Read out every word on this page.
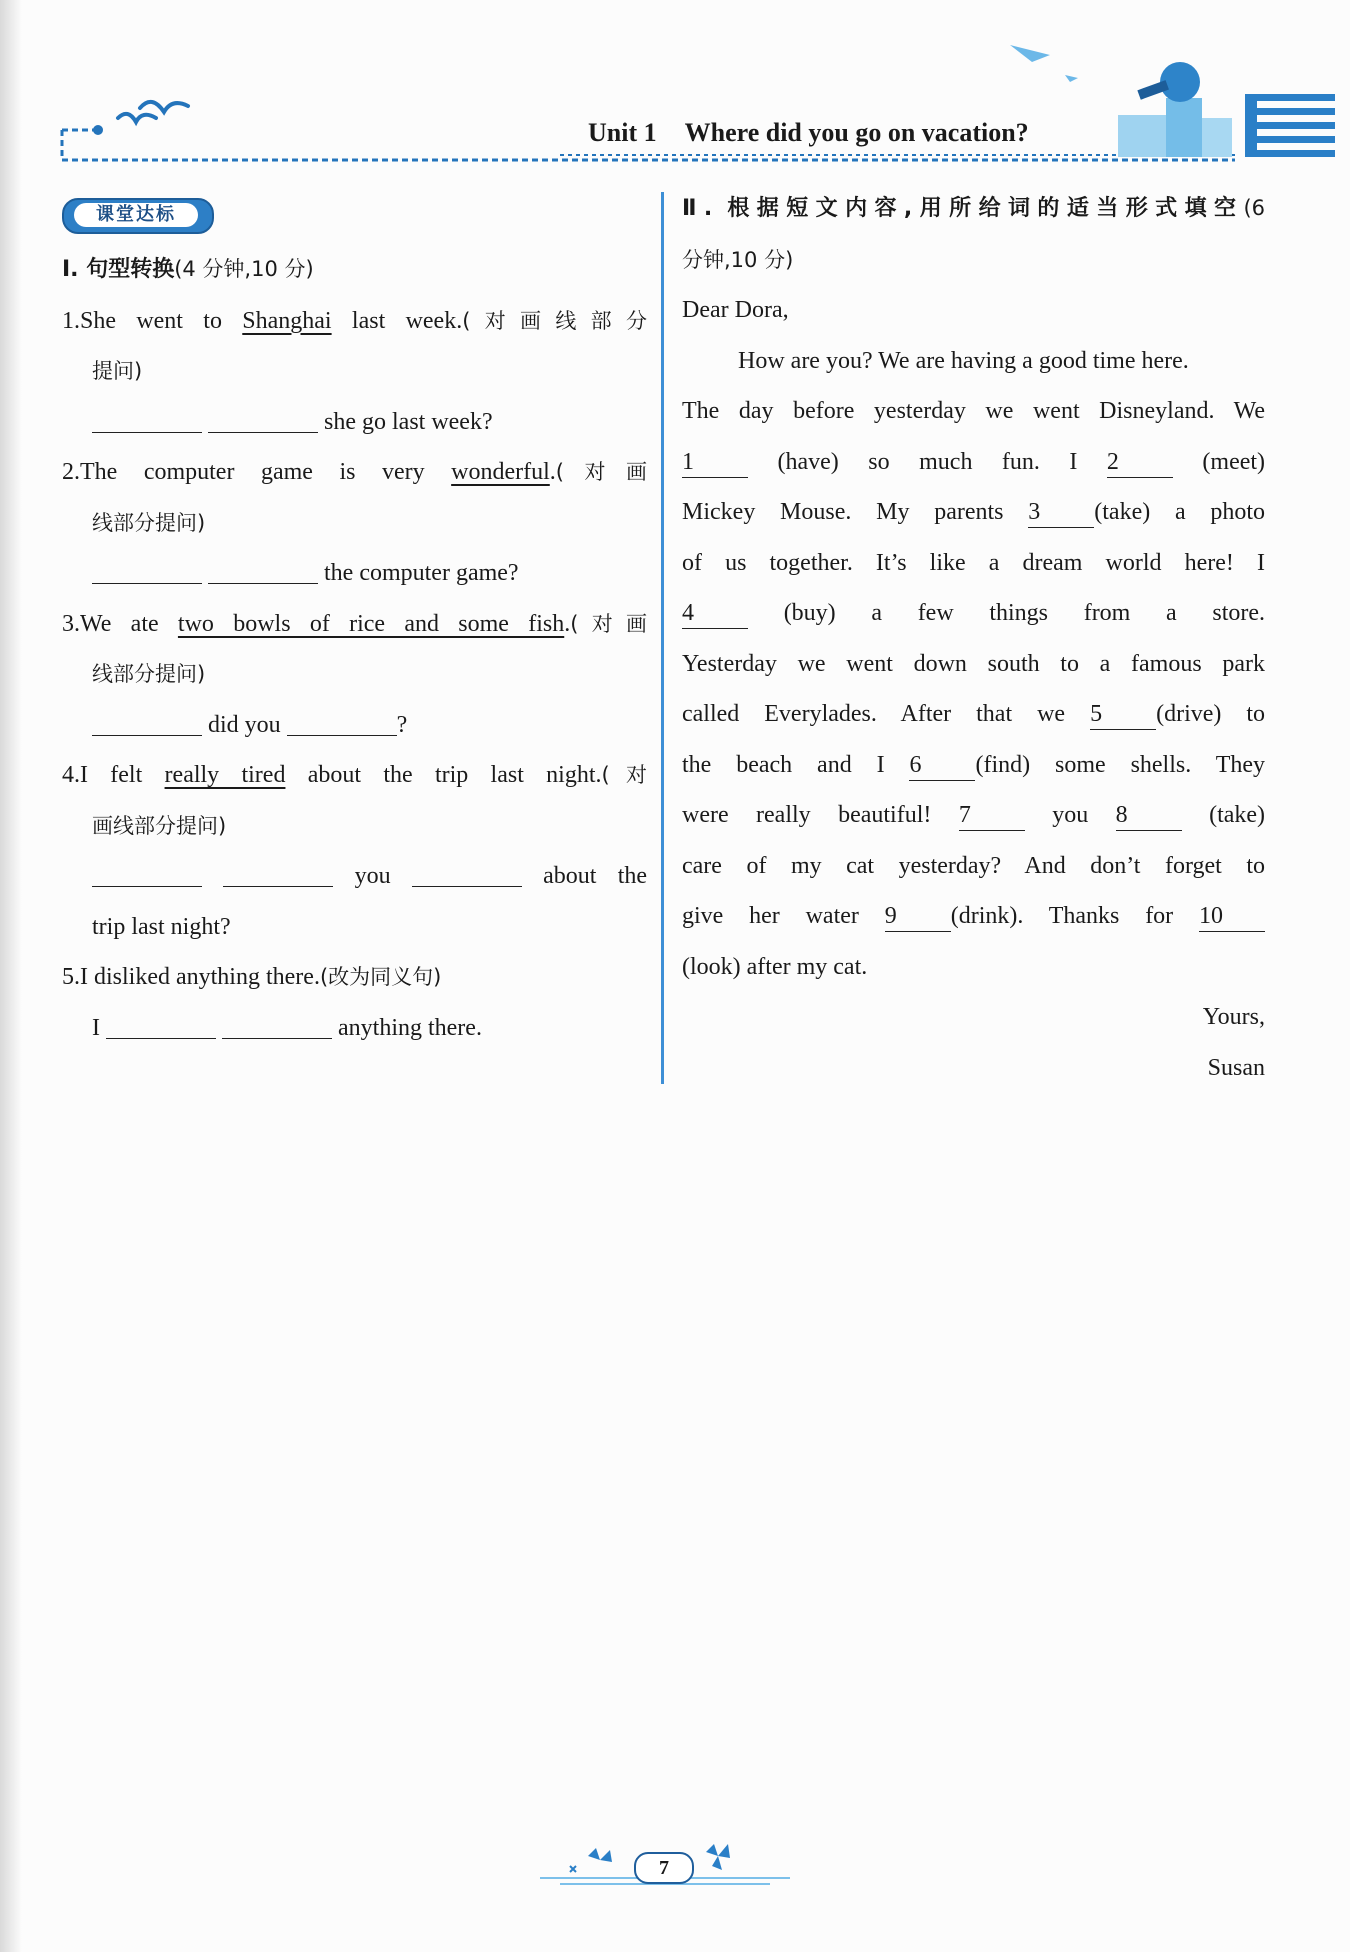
Unit 1 Where did you go on vacation?
课堂达标
Ⅰ. 句型转换(4 分钟,10 分)
1.She went to Shanghai last week.(对画线部分
提问)
she go last week?
2.The computer game is very wonderful.(对画
线部分提问)
the computer game?
3.We ate two bowls of rice and some fish.(对画
线部分提问)
did you	?
4.I felt really tired about the trip last night.(对
画线部分提问)
you	about the
trip last night?
5.I disliked anything there.(改为同义句)
I	anything there.
Ⅱ. 根据短文内容,用所给词的适当形式填空(6
分钟,10 分)
Dear Dora,
How are you? We are having a good time here.
The day before yesterday we went Disneyland. We
1	(have) so much fun. I 2	(meet)
Mickey Mouse. My parents 3 (take) a photo
of us together. It’s like a dream world here! I
4	(buy) a few things from a store.
Yesterday we went down south to a famous park
called Everylades. After that we 5 (drive) to
the beach and I 6 (find) some shells. They
were really beautiful! 7	you 8	(take)
care of my cat yesterday? And don’t forget to
give her water 9 (drink). Thanks for 10
(look) after my cat.
Yours,
Susan
7
